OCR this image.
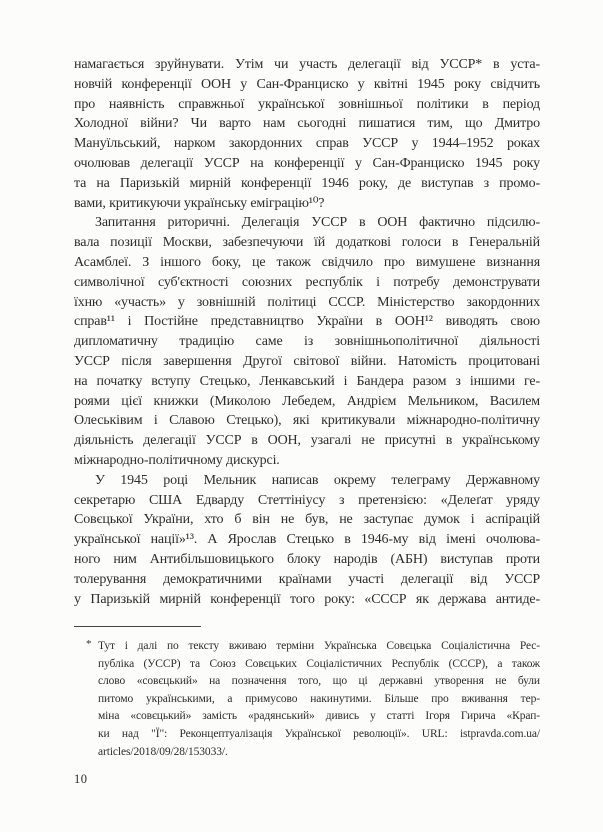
намагається зруйнувати. Утім чи участь делегації від УССР* в уста-
новчій конференції ООН у Сан-Франциско у квітні 1945 року свідчить
про наявність справжньої української зовнішньої політики в період
Холодної війни? Чи варто нам сьогодні пишатися тим, що Дмитро
Мануїльський, нарком закордонних справ УССР у 1944–1952 роках
очолював делегації УССР на конференції у Сан-Франциско 1945 року
та на Паризькій мирній конференції 1946 року, де виступав з промо-
вами, критикуючи українську еміграцію¹⁰?
Запитання риторичні. Делегація УССР в ООН фактично підсилю-
вала позиції Москви, забезпечуючи їй додаткові голоси в Генеральній
Асамблеї. З іншого боку, це також свідчило про вимушене визнання
символічної суб'єктності союзних республік і потребу демонструвати
їхню «участь» у зовнішній політиці СССР. Міністерство закордонних
справ¹¹ і Постійне представництво України в ООН¹² виводять свою
дипломатичну традицію саме із зовнішньополітичної діяльності
УССР після завершення Другої світової війни. Натомість процитовані
на початку вступу Стецько, Ленкавський і Бандера разом з іншими ге-
роями цієї книжки (Миколою Лебедем, Андрієм Мельником, Василем
Олеськівим і Славою Стецько), які критикували міжнародно-політичну
діяльність делегації УССР в ООН, узагалі не присутні в українському
міжнародно-політичному дискурсі.
У 1945 році Мельник написав окрему телеграму Державному
секретарю США Едварду Стеттініусу з претензією: «Делеґат уряду
Совєцької України, хто б він не був, не заступає думок і аспірацій
української нації»¹³. А Ярослав Стецько в 1946-му від імені очолюва-
ного ним Антибільшовицького блоку народів (АБН) виступав проти
толерування демократичними країнами участі делегації від УССР
у Паризькій мирній конференції того року: «СССР як держава антиде-
* Тут і далі по тексту вживаю терміни Українська Совєцька Соціалістична Рес-
публіка (УССР) та Союз Совєцьких Соціалістичних Республік (СССР), а також
слово «совєцький» на позначення того, що ці державні утворення не були
питомо українськими, а примусово накинутими. Більше про вживання тер-
міна «совєцький» замість «радянський» дивись у статті Ігоря Гирича «Крап-
ки над "Ї": Реконцептуалізація Української революції». URL: istpravda.com.ua/
articles/2018/09/28/153033/.
10
